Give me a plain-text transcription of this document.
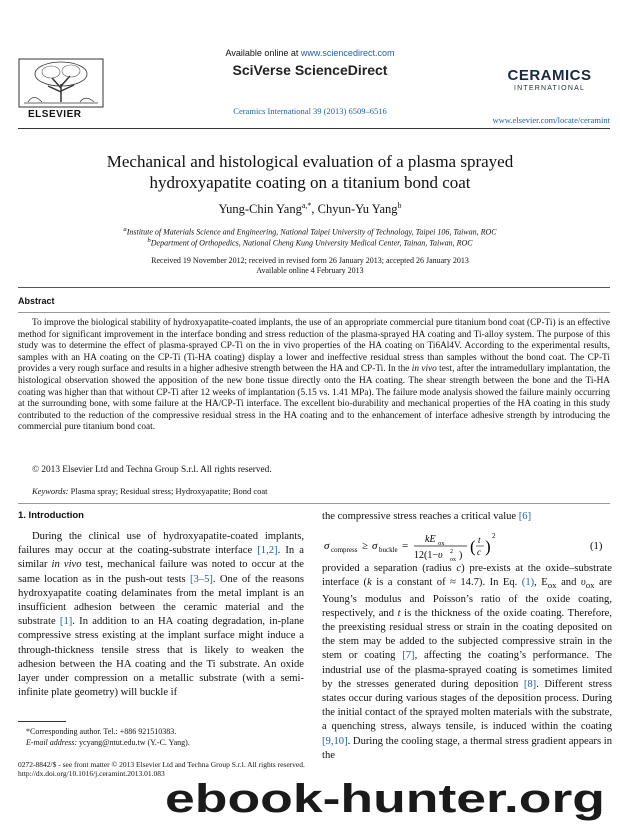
ELSEVIER
Available online at www.sciencedirect.com
SciVerse ScienceDirect
Ceramics International 39 (2013) 6509–6516
CERAMICS
INTERNATIONAL
www.elsevier.com/locate/ceramint
Mechanical and histological evaluation of a plasma sprayed
hydroxyapatite coating on a titanium bond coat
Yung-Chin Yang$^{a,*}$, Chyun-Yu Yang$^b$
$^a$Institute of Materials Science and Engineering, National Taipei University of Technology, Taipei 106, Taiwan, ROC
$^b$Department of Orthopedics, National Cheng Kung University Medical Center, Tainan, Taiwan, ROC
Received 19 November 2012; received in revised form 26 January 2013; accepted 26 January 2013
Available online 4 February 2013
Abstract
To improve the biological stability of hydroxyapatite-coated implants, the use of an appropriate commercial pure titanium bond coat (CP-Ti) is an effective method for significant improvement in the interface bonding and stress reduction of the plasma-sprayed HA coating and Ti-alloy system. The purpose of this study was to determine the effect of plasma-sprayed CP-Ti on the in vivo properties of the HA coating on Ti6Al4V. According to the experimental results, samples with an HA coating on the CP-Ti (Ti-HA coating) display a lower and ineffective residual stress than samples without the bond coat. The CP-Ti provides a very rough surface and results in a higher adhesive strength between the HA and CP-Ti. In the in vivo test, after the intramedullary implantation, the histological observation showed the apposition of the new bone tissue directly onto the HA coating. The shear strength between the bone and the Ti-HA coating was higher than that without CP-Ti after 12 weeks of implantation (5.15 vs. 1.41 MPa). The failure mode analysis showed the failure mainly occurring at the surrounding bone, with some failure at the HA/CP-Ti interface. The excellent bio-durability and mechanical properties of the HA coating in this study contributed to the reduction of the compressive residual stress in the HA coating and to the enhancement of interface adhesive strength by introducing the commercial pure titanium bond coat.
© 2013 Elsevier Ltd and Techna Group S.r.l. All rights reserved.
Keywords: Plasma spray; Residual stress; Hydroxyapatite; Bond coat
1. Introduction

During the clinical use of hydroxyapatite-coated implants, failures may occur at the coating-substrate interface [1,2]. In a similar in vivo test, mechanical failure was noted to occur at the same location as in the push-out tests [3–5]. One of the reasons hydroxyapatite coating delaminates from the metal implant is an insufficient adhesion between the ceramic material and the substrate [1]. In addition to an HA coating degradation, in-plane compressive stress existing at the implant surface might induce a through-thickness tensile stress that is likely to weaken the adhesion between the HA coating and the Ti substrate. An oxide layer under compression on a metallic substrate (with a semi-infinite plate geometry) will buckle if

the compressive stress reaches a critical value [6]
σ compress ≥ σ buckle =
kE ox
12(1−υ 2
ox ) ( t
c )
2
(1)

provided a separation (radius c) pre-exists at the oxide–substrate interface (k is a constant of ≈ 14.7). In Eq. (1), $E_{ox}$ and $\upsilon_{ox}$ are Young’s modulus and Poisson’s ratio of the oxide coating, respectively, and t is the thickness of the oxide coating. Therefore, the preexisting residual stress or strain in the coating deposited on the stem may be added to the subjected compressive strain in the stem or coating [7], affecting the coating’s performance. The industrial use of the plasma-sprayed coating is sometimes limited by the stresses generated during deposition [8]. Different stress states occur during various stages of the deposition process. During the initial contact of the sprayed molten materials with the substrate, a quenching stress, always tensile, is induced within the coating [9,10]. During the cooling stage, a thermal stress gradient appears in the

*Corresponding author. Tel.: +886 921510383.
E-mail address: ycyang@ntut.edu.tw (Y.-C. Yang).
0272-8842/$ - see front matter © 2013 Elsevier Ltd and Techna Group S.r.l. All rights reserved.
http://dx.doi.org/10.1016/j.ceramint.2013.01.083
ebook-hunter.org
